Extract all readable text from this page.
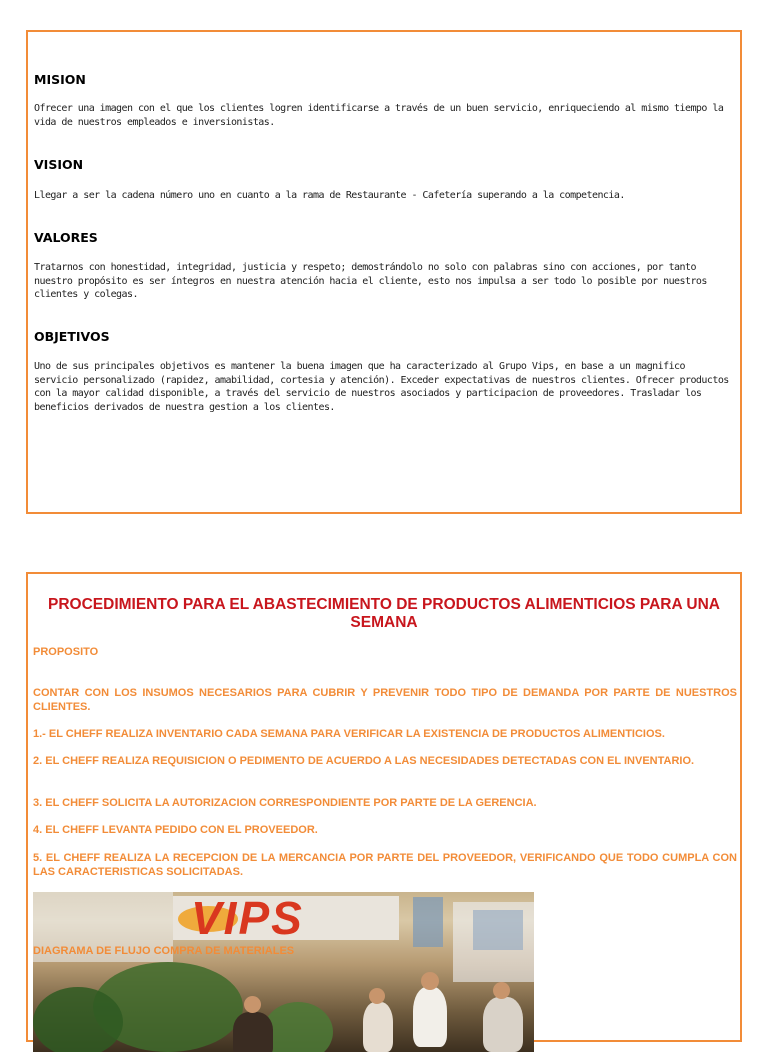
MISION
Ofrecer una imagen con el que los clientes logren identificarse a través de un buen servicio, enriqueciendo al mismo tiempo la vida de nuestros empleados e inversionistas.
VISION
Llegar a ser la cadena número uno en cuanto a la rama de Restaurante - Cafetería superando a la competencia.
VALORES
Tratarnos con honestidad, integridad, justicia y respeto; demostrándolo no solo con palabras sino con acciones, por tanto nuestro propósito es ser íntegros en nuestra atención hacia el cliente, esto nos impulsa a ser todo lo posible por nuestros clientes y colegas.
OBJETIVOS
Uno de sus principales objetivos es mantener la buena imagen que ha caracterizado al Grupo Vips, en base a un magnifico servicio personalizado (rapidez, amabilidad, cortesia y atención). Exceder expectativas de nuestros clientes. Ofrecer productos con la mayor calidad disponible, a través del servicio de nuestros asociados y participacion de proveedores. Trasladar los beneficios derivados de nuestra gestion a los clientes.
PROCEDIMIENTO PARA EL ABASTECIMIENTO DE PRODUCTOS ALIMENTICIOS PARA UNA SEMANA
PROPOSITO
CONTAR CON LOS INSUMOS NECESARIOS PARA CUBRIR Y PREVENIR TODO TIPO DE DEMANDA POR PARTE DE NUESTROS CLIENTES.
1.- EL CHEFF REALIZA INVENTARIO CADA SEMANA PARA VERIFICAR LA EXISTENCIA DE PRODUCTOS ALIMENTICIOS.
2. EL CHEFF REALIZA REQUISICION O PEDIMENTO DE ACUERDO A LAS NECESIDADES DETECTADAS CON EL INVENTARIO.
3. EL CHEFF SOLICITA LA AUTORIZACION CORRESPONDIENTE POR PARTE DE LA GERENCIA.
4. EL CHEFF LEVANTA PEDIDO CON EL PROVEEDOR.
5. EL CHEFF REALIZA LA RECEPCION DE LA MERCANCIA POR PARTE DEL PROVEEDOR, VERIFICANDO QUE TODO CUMPLA CON LAS CARACTERISTICAS SOLICITADAS.
VIPS
DIAGRAMA DE FLUJO COMPRA DE MATERIALES
